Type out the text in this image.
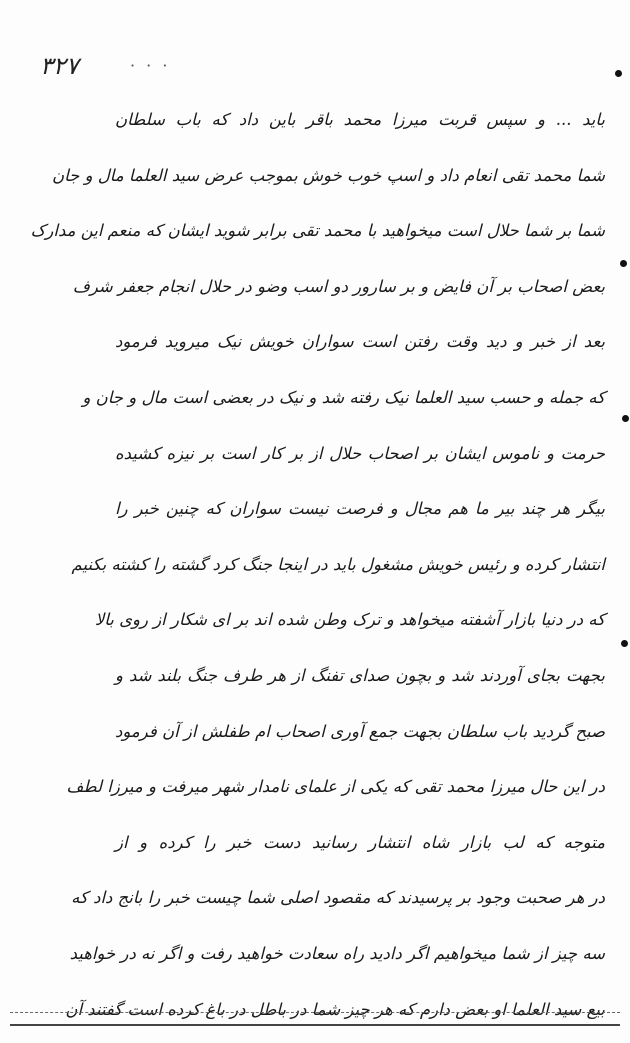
٣٢٧	· · ·
باید ... و سپس قربت میرزا محمد باقر باین داد که باب سلطان
شما محمد تقی انعام داد و اسپ خوب خوش بموجب عرض سید العلما مال و جان
شما بر شما حلال است میخواهید با محمد تقی برابر شوید ایشان که منعم این مدارک
بعض اصحاب بر آن فایض و بر سارور دو اسب وضو در حلال انجام جعفر شرف
بعد از خبر و دید وقت رفتن است سواران خویش نیک میروید فرمود
که جمله و حسب سید العلما نیک رفته شد و نیک در بعضی است مال و جان و
حرمت و ناموس ایشان بر اصحاب حلال از بر کار است بر نیزه کشیده
بیگر هر چند بیر ما هم مجال و فرصت نیست سواران که چنین خبر را
انتشار کرده و رئیس خویش مشغول باید در اینجا جنگ کرد گشته را کشته بکنیم
که در دنیا بازار آشفته میخواهد و ترک وطن شده اند بر ای شکار از روی بالا
بجهت بجای آوردند شد و بچون صدای تفنگ از هر طرف جنگ بلند شد و
صبح گردید باب سلطان بجهت جمع آوری اصحاب ام طفلش از آن فرمود
در این حال میرزا محمد تقی که یکی از علمای نامدار شهر میرفت و میرزا لطف
متوجه که لب بازار شاه انتشار رسانید دست خبر را کرده و از
در هر صحبت وجود بر پرسیدند که مقصود اصلی شما چیست خبر را بانج داد که
سه چیز از شما میخواهیم اگر دادید راه سعادت خواهید رفت و اگر نه در خواهید
بیع سید العلما او بعض دارم که هر چیز شما در باطل در باغ کرده است گفتند آن
